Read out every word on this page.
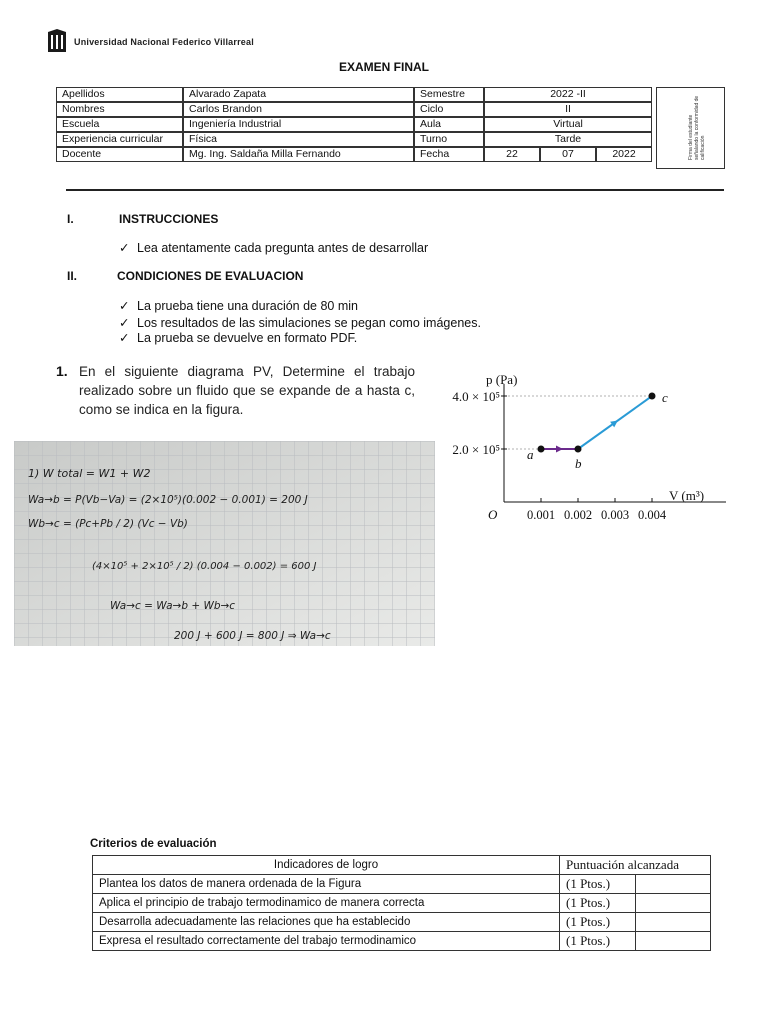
Universidad Nacional Federico Villarreal
EXAMEN FINAL
Apellidos	Alvarado Zapata	Semestre	2022 -II		
Nombres	Carlos Brandon	Ciclo	II		
Escuela	Ingeniería Industrial	Aula	Virtual		
Experiencia curricular	Física	Turno	Tarde		
Docente	Mg. Ing. Saldaña Milla Fernando	Fecha	22	07	2022	Firma del estudiante señalando la conformidad de calificación
I.	INSTRUCCIONES
✓ Lea atentamente cada pregunta antes de desarrollar
II.	CONDICIONES DE EVALUACION
✓ La prueba tiene una duración de 80 min
✓ Los resultados de las simulaciones se pegan como imágenes.
✓ La prueba se devuelve en formato PDF.
1. En el siguiente diagrama PV, Determine el trabajo realizado sobre un fluido que se expande de a hasta c, como se indica en la figura.
1) W total = W1 + W2
Wa→b = P(Vb−Va) = (2×10⁵)(0.002 − 0.001) = 200 J
Wb→c = (Pc+Pb / 2) (Vc − Vb)
(4×10⁵ + 2×10⁵ / 2) (0.004 − 0.002) = 600 J
Wa→c = Wa→b + Wb→c
200 J + 600 J = 800 J ⇒ Wa→c
a
b
c
0.001 0.002 0.003 0.004
2.0 × 10⁵
4.0 × 10⁵
O
p (Pa)
V (m³)
Criterios de evaluación
Indicadores de logro	Puntuación alcanzada	
Plantea los datos de manera ordenada de la Figura	(1 Ptos.)	
Aplica el principio de trabajo termodinamico de manera correcta	(1 Ptos.)	
Desarrolla adecuadamente las relaciones que ha establecido	(1 Ptos.)	
Expresa el resultado correctamente del trabajo termodinamico	(1 Ptos.)	
